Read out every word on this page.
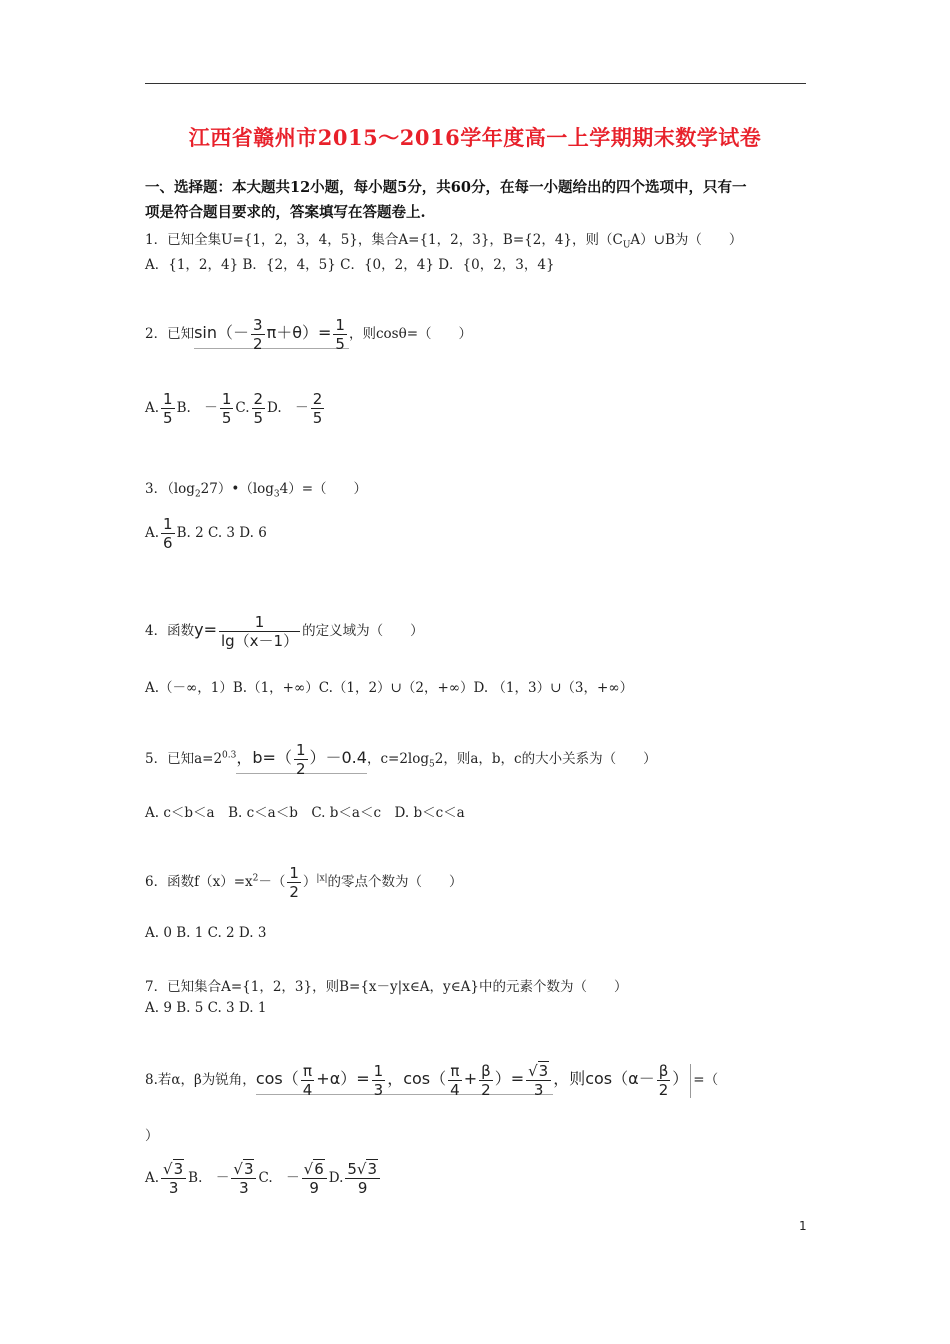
江西省赣州市2015～2016学年度高一上学期期末数学试卷
一、选择题：本大题共12小题，每小题5分，共60分，在每一小题给出的四个选项中，只有一
项是符合题目要求的，答案填写在答题卷上.
1．已知全集U={1，2，3，4，5}，集合A={1，2，3}，B={2，4}，则$(C_UA)\cup B$为（　　）
A．{1，2，4} B．{2，4，5} C．{0，2，4} D．{0，2，3，4}
2．已知$\sin(- \frac{3}{2} \pi+\theta)= \frac{1}{5}$ ，则cosθ=（　　）
A. $\frac{1}{5} B$.　－ $\frac{1}{5} C$. $\frac{2}{5} D$.　－ $\frac{2}{5}$
3．$(\log_227)•(\log_34)=$（　　）
A. $\frac{1}{6} B$. 2 C. 3 D. 6
4．函数$y= \frac{1}{\lg(x-1)}$ 的定义域为（　　）
A.（－∞，1）B.（1，+∞）C.（1，2）∪（2，+∞）D. （1，3）∪（3，+∞）
5．已知$a=2^{0.3}$，$b=( \frac{1}{2} )-0.4$，$c=2\log_52$，则a，b，c的大小关系为（　　）
A. c＜b＜a　B. c＜a＜b　C. b＜a＜c　D. b＜c＜a
6．函数$f(x)=x^2-( \frac{1}{2} )^{|x|}$的零点个数为（　　）
A. 0 B. 1 C. 2 D. 3
7．已知集合A={1，2，3}，则B={x－y|x∈A，y∈A}中的元素个数为（　　）
A. 9 B. 5 C. 3 D. 1
8.若α，β为锐角，$\cos( \frac{\pi}{4} +\alpha)= \frac{1}{3}$ ，$\cos( \frac{\pi}{4} + \frac{\beta}{2}$ ）= $\frac{√3}{3}$ ，则$\cos(\alpha- \frac{\beta}{2}$ ） =（
）
A. $\frac{√3}{3} B$.　－ $\frac{√3}{3} C$.　－ $\frac{√6}{9} D$. $\frac{5√3}{9}$
1
